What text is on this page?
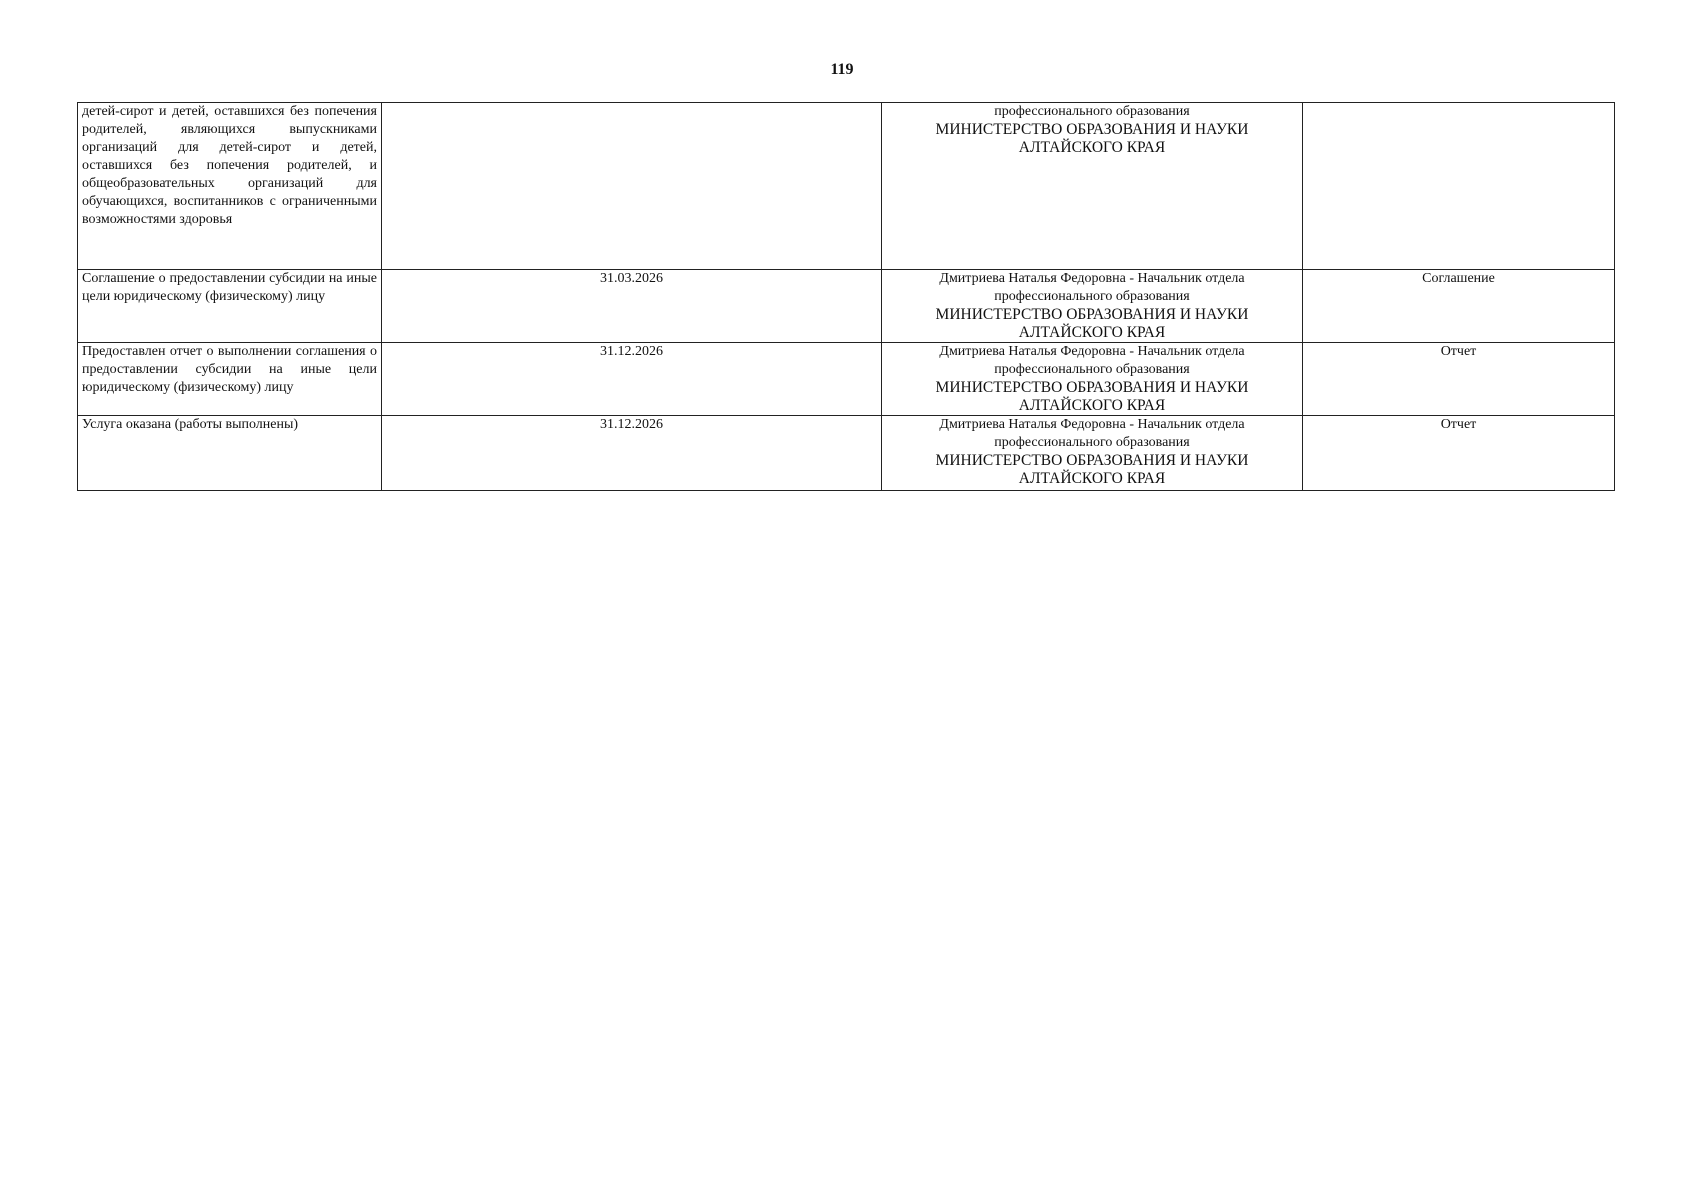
119
детей-сирот и детей, оставшихся без попечения родителей, являющихся выпускниками организаций для детей-сирот и детей, оставшихся без попечения родителей, и общеобразовательных организаций для обучающихся, воспитанников с ограниченными возможностями здоровья		профессионального образования
МИНИСТЕРСТВО ОБРАЗОВАНИЯ И НАУКИ АЛТАЙСКОГО КРАЯ	

Соглашение о предоставлении субсидии на иные цели юридическому (физическому) лицу	31.03.2026	Дмитриева Наталья Федоровна - Начальник отдела
профессионального образования
МИНИСТЕРСТВО ОБРАЗОВАНИЯ И НАУКИ АЛТАЙСКОГО КРАЯ	Соглашение
Предоставлен отчет о выполнении соглашения о предоставлении субсидии на иные цели юридическому (физическому) лицу	31.12.2026	Дмитриева Наталья Федоровна - Начальник отдела
профессионального образования
МИНИСТЕРСТВО ОБРАЗОВАНИЯ И НАУКИ АЛТАЙСКОГО КРАЯ	Отчет
Услуга оказана (работы выполнены)	31.12.2026	Дмитриева Наталья Федоровна - Начальник отдела
профессионального образования
МИНИСТЕРСТВО ОБРАЗОВАНИЯ И НАУКИ АЛТАЙСКОГО КРАЯ	Отчет
